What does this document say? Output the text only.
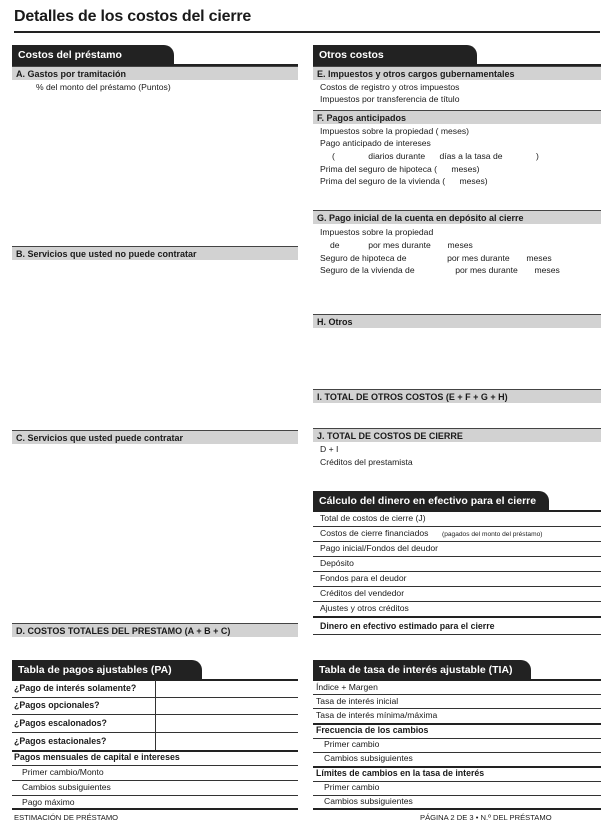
Detalles de los costos del cierre
Costos del préstamo
A. Gastos por tramitación
% del monto del préstamo (Puntos)
B. Servicios que usted no puede contratar
C. Servicios que usted puede contratar
D. COSTOS TOTALES DEL PRESTAMO (A + B + C)
Otros costos
E. Impuestos y otros cargos gubernamentales
Costos de registro y otros impuestos
Impuestos por transferencia de título
F. Pagos anticipados
Impuestos sobre la propiedad ( meses)
Pago anticipado de intereses
(              diarios durante      días a la tasa de              )
Prima del seguro de hipoteca (      meses)
Prima del seguro de la vivienda (      meses)
G. Pago inicial de la cuenta en depósito al cierre
Impuestos sobre la propiedad
de            por mes durante       meses
Seguro de hipoteca de                 por mes durante       meses
Seguro de la vivienda de                 por mes durante       meses
H. Otros
I. TOTAL DE OTROS COSTOS (E + F + G + H)
J. TOTAL DE COSTOS DE CIERRE
D + I
Créditos del prestamista
Cálculo del dinero en efectivo para el cierre
Total de costos de cierre (J)
Costos de cierre financiados (pagados del monto del préstamo)
Pago inicial/Fondos del deudor
Depósito
Fondos para el deudor
Créditos del vendedor
Ajustes y otros créditos
Dinero en efectivo estimado para el cierre
Tabla de pagos ajustables (PA)
¿Pago de interés solamente?
¿Pagos opcionales?
¿Pagos escalonados?
¿Pagos estacionales?
Pagos mensuales de capital e intereses
Primer cambio/Monto
Cambios subsiguientes
Pago máximo
Tabla de tasa de interés ajustable (TIA)
Índice + Margen
Tasa de interés inicial
Tasa de interés mínima/máxima
Frecuencia de los cambios
Primer cambio
Cambios subsiguientes
Límites de cambios en la tasa de interés
Primer cambio
Cambios subsiguientes
ESTIMACIÓN DE PRÉSTAMO	PÁGINA 2 DE 3 • N.º DEL PRÉSTAMO
